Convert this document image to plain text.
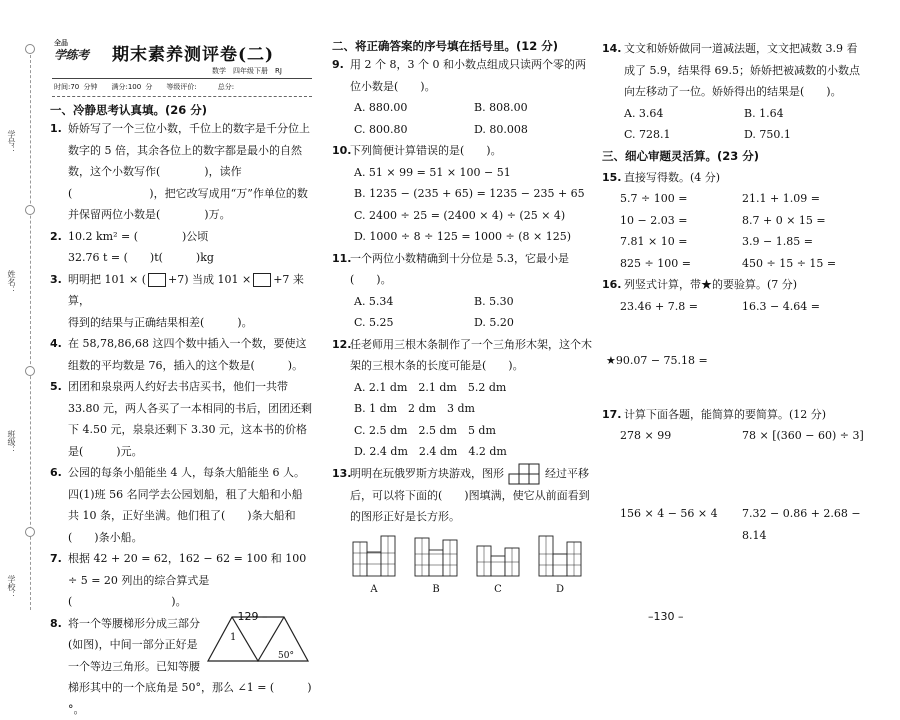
学号：
姓名：
班级：
学校：
全品
学练考 期末素养测评卷(二)
数学　四年级下册　RJ
时间:70 分钟　　满分:100 分　　等级评价:　　　总分:
一、冷静思考认真填。(26 分)
1. 娇娇写了一个三位小数，千位上的数字是千分位上数字的 5 倍，其余各位上的数字都是最小的自然数，这个小数写作(　　　　)，读作(　　　　　　　)，把它改写成用“万”作单位的数并保留两位小数是(　　　　)万。
2. 10.2 km² = (　　　　)公顷
32.76 t = (　　)t(　　　)kg
3. 明明把 101 × ( +7) 当成 101 × +7 来算，
得到的结果与正确结果相差(　　　)。
4. 在 58,78,86,68 这四个数中插入一个数，要使这组数的平均数是 76，插入的这个数是(　　　)。
5. 团团和泉泉两人约好去书店买书，他们一共带 33.80 元，两人各买了一本相同的书后，团团还剩下 4.50 元，泉泉还剩下 3.30 元，这本书的价格是(　　　)元。
6. 公园的每条小船能坐 4 人，每条大船能坐 6 人。四(1)班 56 名同学去公园划船，租了大船和小船共 10 条，正好坐满。他们租了(　　)条大船和(　　)条小船。
7. 根据 42 + 20 = 62，162 − 62 = 100 和 100 ÷ 5 = 20 列出的综合算式是(　　　　　　　　　)。
8.
1
50°
将一个等腰梯形分成三部分(如图)，中间一部分正好是一个等边三角形。已知等腰梯形其中的一个底角是 50°，那么 ∠1 = (　　　)°。
二、将正确答案的序号填在括号里。(12 分)
9. 用 2 个 8，3 个 0 和小数点组成只读两个零的两位小数是(　　)。
A. 880.00	B. 808.00
C. 800.80	D. 80.008
10.
下列简便计算错误的是(　　)。
A. 51 × 99 = 51 × 100 − 51
B. 1235 − (235 + 65) = 1235 − 235 + 65
C. 2400 ÷ 25 = (2400 × 4) ÷ (25 × 4)
D. 1000 ÷ 8 ÷ 125 = 1000 ÷ (8 × 125)
11.
一个两位小数精确到十分位是 5.3，它最小是(　　)。
A. 5.34	B. 5.30
C. 5.25	D. 5.20
12.
任老师用三根木条制作了一个三角形木架，这个木架的三根木条的长度可能是(　　)。
A. 2.1 dm　2.1 dm　5.2 dm
B. 1 dm　2 dm　3 dm
C. 2.5 dm　2.5 dm　5 dm
D. 2.4 dm　2.4 dm　4.2 dm
13.
明明在玩俄罗斯方块游戏，图形	经过平移后，可以将下面的(　　)图填满，使它从前面看到的图形正好是长方形。
A	B	C	D
14. 文文和娇娇做同一道减法题，文文把减数 3.9 看成了 5.9，结果得 69.5；娇娇把被减数的小数点向左移动了一位。娇娇得出的结果是(　　)。
A. 3.64	B. 1.64
C. 728.1	D. 750.1
三、细心审题灵活算。(23 分)
15. 直接写得数。(4 分)
5.7 ÷ 100 =	21.1 + 1.09 =
10 − 2.03 =	8.7 + 0 × 15 =
7.81 × 10 =	3.9 − 1.85 =
825 ÷ 100 =	450 ÷ 15 ÷ 15 =
16. 列竖式计算，带★的要验算。(7 分)
23.46 + 7.8 =	16.3 − 4.64 =
★90.07 − 75.18 =
17. 计算下面各题，能简算的要简算。(12 分)
278 × 99	78 × [(360 − 60) ÷ 3]
156 × 4 − 56 × 4	7.32 − 0.86 + 2.68 − 8.14
–129 –	–130 –
